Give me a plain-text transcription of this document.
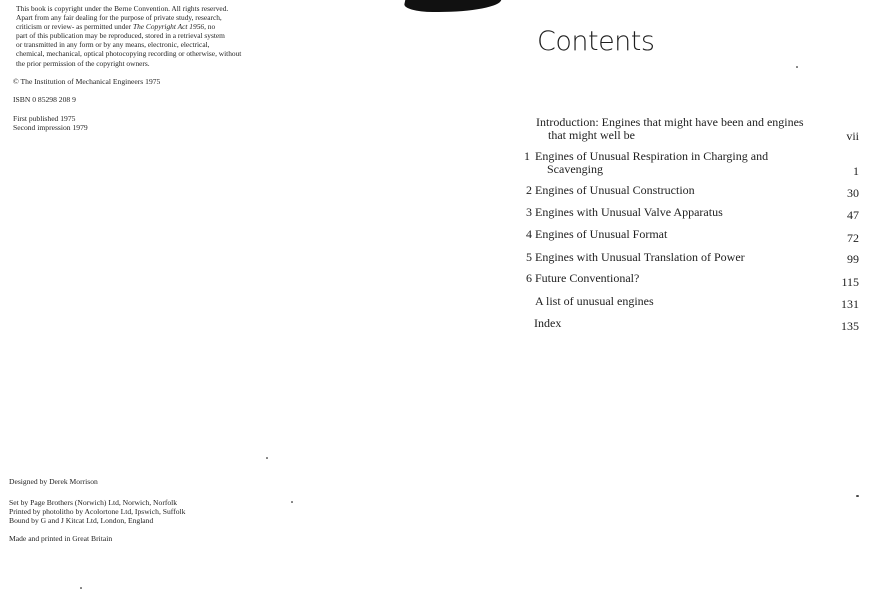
This book is copyright under the Berne Convention. All rights reserved.
Apart from any fair dealing for the purpose of private study, research,
criticism or review- as permitted under The Copyright Act 1956, no
part of this publication may be reproduced, stored in a retrieval system
or transmitted in any form or by any means, electronic, electrical,
chemical, mechanical, optical photocopying recording or otherwise, without
the prior permission of the copyright owners.
© The Institution of Mechanical Engineers 1975
ISBN 0 85298 208 9
First published 1975
Second impression 1979
Designed by Derek Morrison
Set by Page Brothers (Norwich) Ltd, Norwich, Norfolk
Printed by photolitho by Acolortone Ltd, Ipswich, Suffolk
Bound by G and J Kitcat Ltd, London, England
Made and printed in Great Britain
Contents
Introduction: Engines that might have been and engines
that might well be	vii
1 Engines of Unusual Respiration in Charging and
Scavenging	1
2 Engines of Unusual Construction	30
3 Engines with Unusual Valve Apparatus	47
4 Engines of Unusual Format	72
5 Engines with Unusual Translation of Power	99
6 Future Conventional?	115
A list of unusual engines	131
Index	135
